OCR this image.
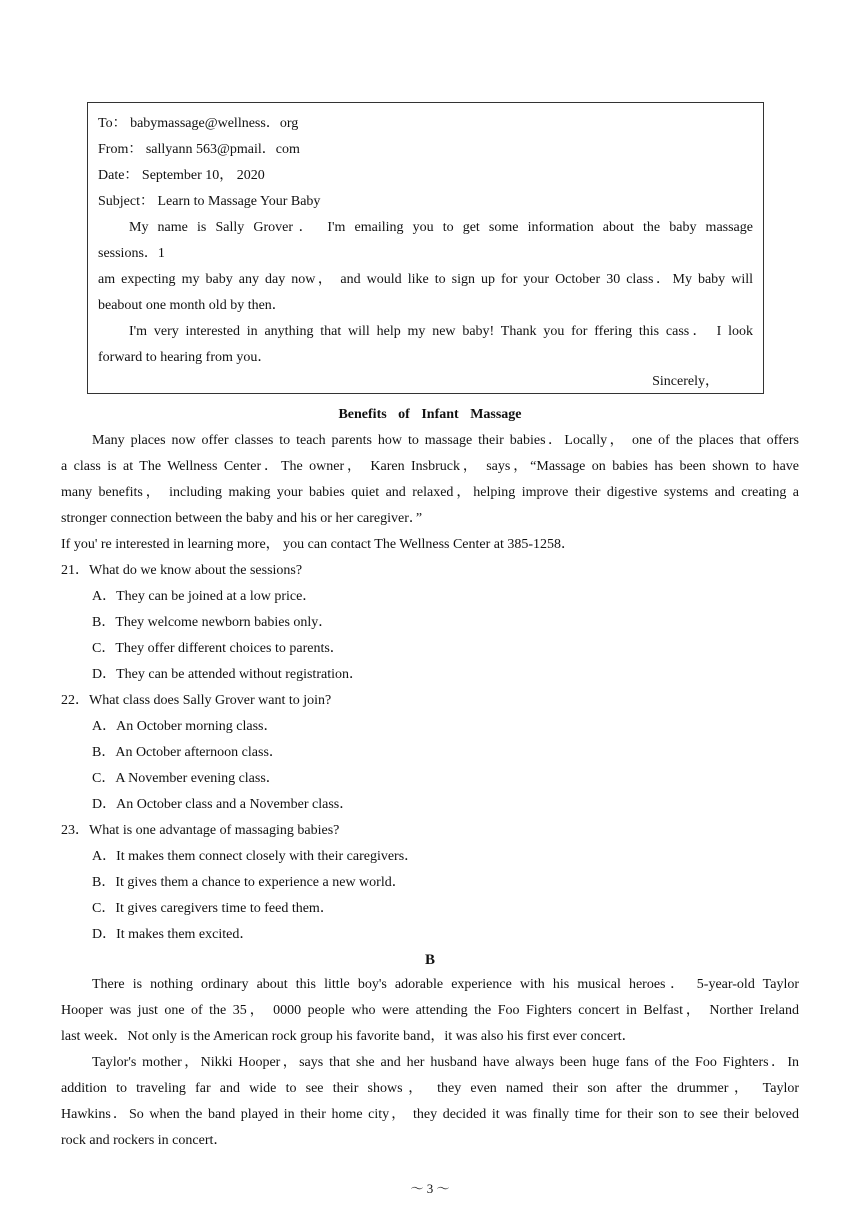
To： babymassage@wellness．org
From： sallyann 563@pmail．com
Date： September 10， 2020
Subject： Learn to Massage Your Baby
My name is Sally Grover． I'm emailing you to get some information about the baby massage
sessions．1
am expecting my baby any day now， and would like to sign up for your October 30 class．My baby will
beabout one month old by then．
I'm very interested in anything that will help my new baby! Thank you for ffering this cass． I look
forward to hearing from you．
Sincerely，
Benefits of Infant Massage
Many places now offer classes to teach parents how to massage their babies．Locally， one of the places that offers
a class is at The Wellness Center．The owner， Karen Insbruck， says，“Massage on babies has been shown to have
many benefits， including making your babies quiet and relaxed，helping improve their digestive systems and creating a
stronger connection between the baby and his or her caregiver．”
If you' re interested in learning more， you can contact The Wellness Center at 385-1258．
21．What do we know about the sessions?
A．They can be joined at a low price．
B．They welcome newborn babies only．
C．They offer different choices to parents．
D．They can be attended without registration．
22．What class does Sally Grover want to join?
A．An October morning class．
B．An October afternoon class．
C．A November evening class．
D．An October class and a November class．
23．What is one advantage of massaging babies?
A．It makes them connect closely with their caregivers．
B．It gives them a chance to experience a new world．
C．It gives caregivers time to feed them．
D．It makes them excited．
B
There is nothing ordinary about this little boy's adorable experience with his musical heroes． 5-year-old Taylor
Hooper was just one of the 35， 0000 people who were attending the Foo Fighters concert in Belfast， Norther Ireland
last week．Not only is the American rock group his favorite band，it was also his first ever concert．
Taylor's mother，Nikki Hooper，says that she and her husband have always been huge fans of the Foo Fighters．In
addition to traveling far and wide to see their shows， they even named their son after the drummer， Taylor
Hawkins．So when the band played in their home city， they decided it was finally time for their son to see their beloved
rock and rockers in concert．
～ 3 ～
